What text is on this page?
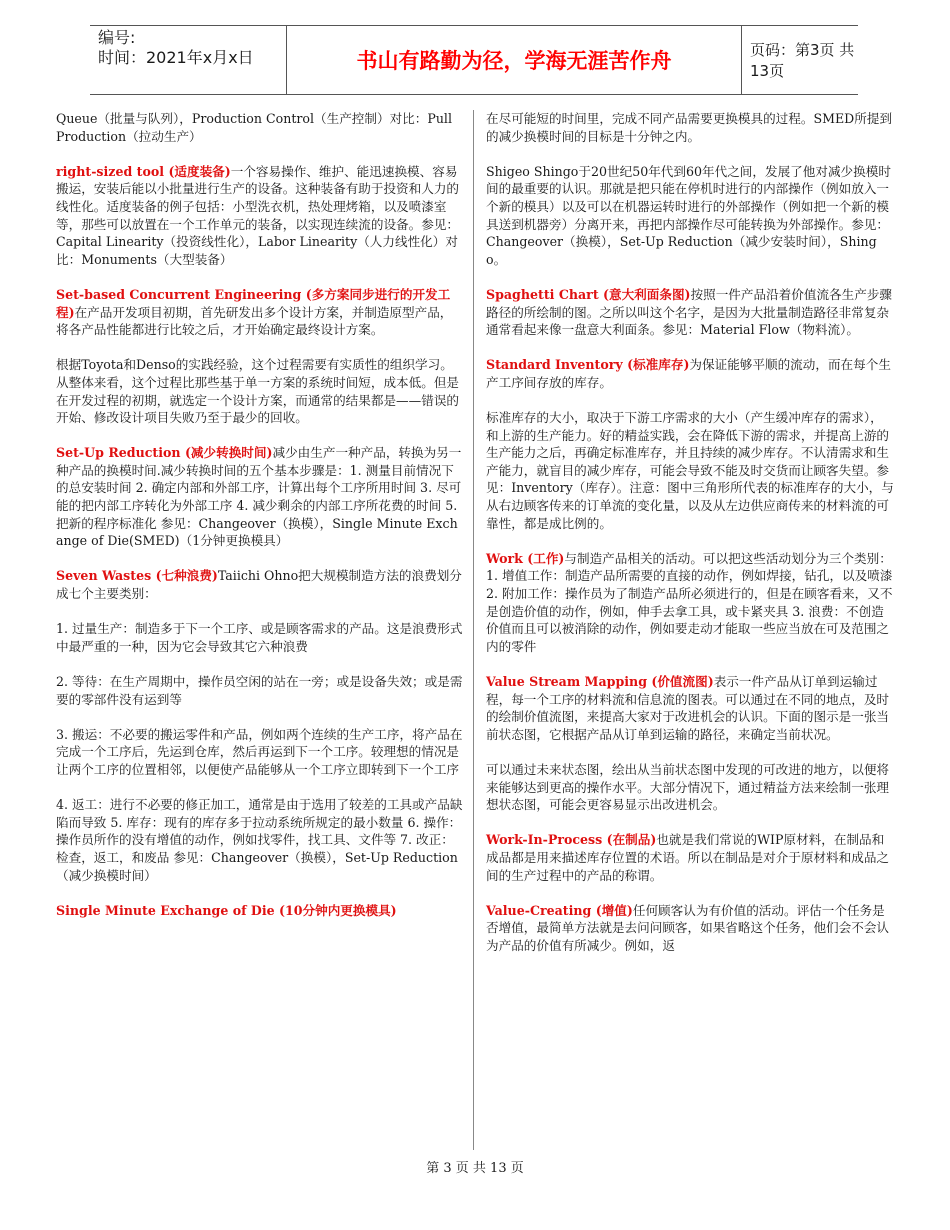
编号:
时间：2021年x月x日	书山有路勤为径，学海无涯苦作舟	页码：第3页 共13页

Queue（批量与队列），Production Control（生产控制）对比：Pull Production（拉动生产）

right-sized tool (适度装备)一个容易操作、维护、能迅速换模、容易搬运，安装后能以小批量进行生产的设备。这种装备有助于投资和人力的线性化。适度装备的例子包括：小型洗衣机，热处理烤箱，以及喷漆室等，那些可以放置在一个工作单元的装备，以实现连续流的设备。参见：Capital Linearity（投资线性化），Labor Linearity（人力线性化）对比：Monuments（大型装备）

Set-based Concurrent Engineering (多方案同步进行的开发工程)在产品开发项目初期，首先研发出多个设计方案，并制造原型产品，将各产品性能都进行比较之后，才开始确定最终设计方案。

根据Toyota和Denso的实践经验，这个过程需要有实质性的组织学习。从整体来看，这个过程比那些基于单一方案的系统时间短，成本低。但是在开发过程的初期，就选定一个设计方案，而通常的结果都是——错误的开始、修改设计项目失败乃至于最少的回收。

Set-Up Reduction (减少转换时间)减少由生产一种产品，转换为另一种产品的换模时间.减少转换时间的五个基本步骤是：1. 测量目前情况下的总安装时间 2. 确定内部和外部工序，计算出每个工序所用时间 3. 尽可能的把内部工序转化为外部工序 4. 减少剩余的内部工序所花费的时间 5. 把新的程序标准化 参见：Changeover（换模），Single Minute Exchange of Die(SMED)（1分钟更换模具）

Seven Wastes (七种浪费)Taiichi Ohno把大规模制造方法的浪费划分成七个主要类别：

1. 过量生产：制造多于下一个工序、或是顾客需求的产品。这是浪费形式中最严重的一种，因为它会导致其它六种浪费

2. 等待：在生产周期中，操作员空闲的站在一旁；或是设备失效；或是需要的零部件没有运到等

3. 搬运：不必要的搬运零件和产品，例如两个连续的生产工序，将产品在完成一个工序后，先运到仓库，然后再运到下一个工序。较理想的情况是让两个工序的位置相邻，以便使产品能够从一个工序立即转到下一个工序

4. 返工：进行不必要的修正加工，通常是由于选用了较差的工具或产品缺陷而导致 5. 库存：现有的库存多于拉动系统所规定的最小数量 6. 操作：操作员所作的没有增值的动作，例如找零件，找工具、文件等 7. 改正：检查，返工，和废品 参见：Changeover（换模），Set-Up Reduction（减少换模时间）

Single Minute Exchange of Die (10分钟内更换模具)

在尽可能短的时间里，完成不同产品需要更换模具的过程。SMED所提到的减少换模时间的目标是十分钟之内。

Shigeo Shingo于20世纪50年代到60年代之间，发展了他对减少换模时间的最重要的认识。那就是把只能在停机时进行的内部操作（例如放入一个新的模具）以及可以在机器运转时进行的外部操作（例如把一个新的模具送到机器旁）分离开来，再把内部操作尽可能转换为外部操作。参见：Changeover（换模），Set-Up Reduction（减少安装时间），Shingo。

Spaghetti Chart (意大利面条图)按照一件产品沿着价值流各生产步骤路径的所绘制的图。之所以叫这个名字，是因为大批量制造路径非常复杂通常看起来像一盘意大利面条。参见：Material Flow（物料流）。

Standard Inventory (标准库存)为保证能够平顺的流动，而在每个生产工序间存放的库存。

标准库存的大小，取决于下游工序需求的大小（产生缓冲库存的需求），和上游的生产能力。好的精益实践，会在降低下游的需求，并提高上游的生产能力之后，再确定标准库存，并且持续的减少库存。不认清需求和生产能力，就盲目的减少库存，可能会导致不能及时交货而让顾客失望。参见：Inventory（库存）。注意：图中三角形所代表的标准库存的大小，与从右边顾客传来的订单流的变化量，以及从左边供应商传来的材料流的可靠性，都是成比例的。

Work (工作)与制造产品相关的活动。可以把这些活动划分为三个类别：1. 增值工作：制造产品所需要的直接的动作，例如焊接，钻孔，以及喷漆 2. 附加工作：操作员为了制造产品所必须进行的，但是在顾客看来，又不是创造价值的动作，例如，伸手去拿工具，或卡紧夹具 3. 浪费：不创造价值而且可以被消除的动作，例如要走动才能取一些应当放在可及范围之内的零件

Value Stream Mapping (价值流图)表示一件产品从订单到运输过程，每一个工序的材料流和信息流的图表。可以通过在不同的地点，及时的绘制价值流图，来提高大家对于改进机会的认识。下面的图示是一张当前状态图，它根据产品从订单到运输的路径，来确定当前状况。

可以通过未来状态图，绘出从当前状态图中发现的可改进的地方，以便将来能够达到更高的操作水平。大部分情况下，通过精益方法来绘制一张理想状态图，可能会更容易显示出改进机会。

Work-In-Process (在制品)也就是我们常说的WIP原材料，在制品和成品都是用来描述库存位置的术语。所以在制品是对介于原材料和成品之间的生产过程中的产品的称谓。

Value-Creating (增值)任何顾客认为有价值的活动。评估一个任务是否增值，最简单方法就是去问问顾客，如果省略这个任务，他们会不会认为产品的价值有所减少。例如，返

第 3 页 共 13 页
